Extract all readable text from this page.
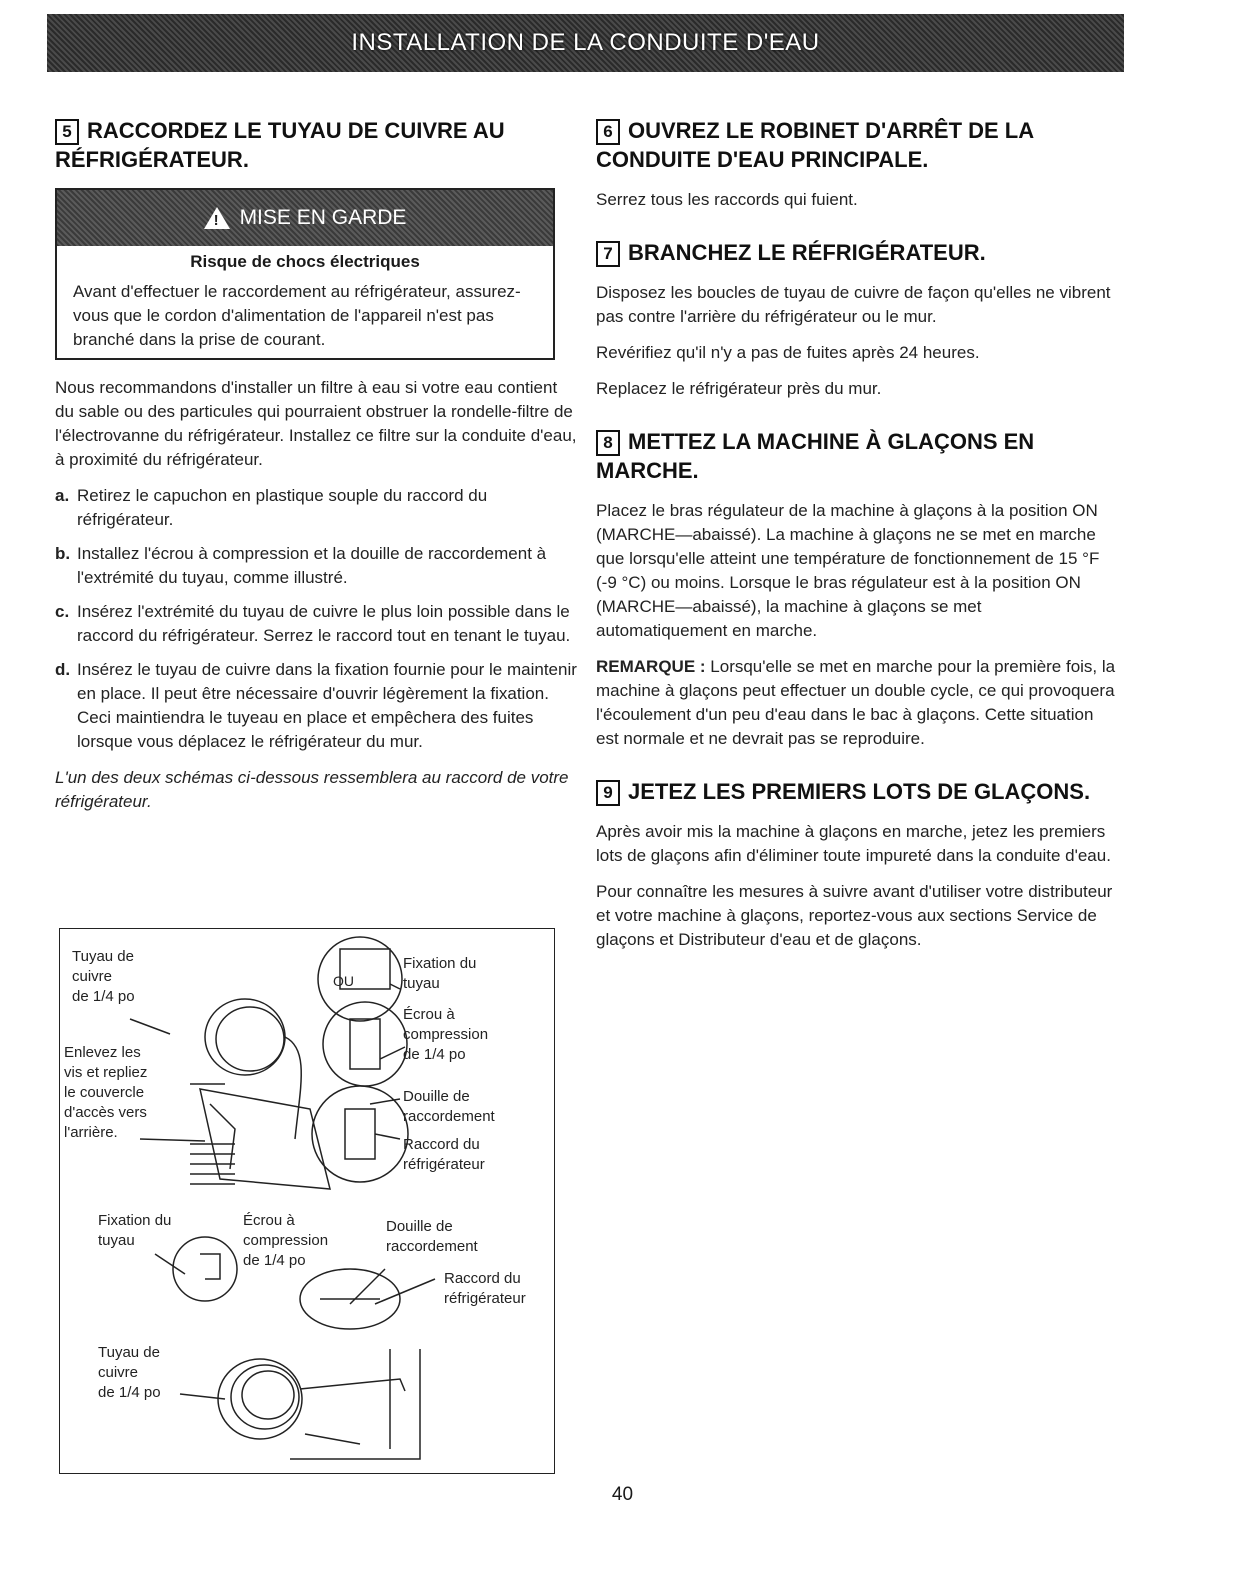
INSTALLATION DE LA CONDUITE D'EAU
5 RACCORDEZ LE TUYAU DE CUIVRE AU RÉFRIGÉRATEUR.
!
MISE EN GARDE
Risque de chocs électriques

Avant d'effectuer le raccordement au réfrigérateur, assurez-vous que le cordon d'alimentation de l'appareil n'est pas branché dans la prise de courant.

Nous recommandons d'installer un filtre à eau si votre eau contient du sable ou des particules qui pourraient obstruer la rondelle-filtre de l'électrovanne du réfrigérateur. Installez ce filtre sur la conduite d'eau, à proximité du réfrigérateur.

a. Retirez le capuchon en plastique souple du raccord du réfrigérateur.
b. Installez l'écrou à compression et la douille de raccordement à l'extrémité du tuyau, comme illustré.
c. Insérez l'extrémité du tuyau de cuivre le plus loin possible dans le raccord du réfrigérateur. Serrez le raccord tout en tenant le tuyau.
d. Insérez le tuyau de cuivre dans la fixation fournie pour le maintenir en place. Il peut être nécessaire d'ouvrir légèrement la fixation. Ceci maintiendra le tuyeau en place et empêchera des fuites lorsque vous déplacez le réfrigérateur du mur.

L'un des deux schémas ci-dessous ressemblera au raccord de votre réfrigérateur.

Tuyau de
cuivre
de 1/4 po
Enlevez les
vis et repliez
le couvercle
d'accès vers
l'arrière.
OU
Fixation du
tuyau
Écrou à
compression
de 1/4 po
Douille de
raccordement
Raccord du
réfrigérateur
Fixation du
tuyau
Écrou à
compression
de 1/4 po
Douille de
raccordement
Raccord du
réfrigérateur
Tuyau de
cuivre
de 1/4 po
6 OUVREZ LE ROBINET D'ARRÊT DE LA CONDUITE D'EAU PRINCIPALE.

Serrez tous les raccords qui fuient.

7 BRANCHEZ LE RÉFRIGÉRATEUR.

Disposez les boucles de tuyau de cuivre de façon qu'elles ne vibrent pas contre l'arrière du réfrigérateur ou le mur.

Revérifiez qu'il n'y a pas de fuites après 24 heures.

Replacez le réfrigérateur près du mur.

8 METTEZ LA MACHINE À GLAÇONS EN MARCHE.

Placez le bras régulateur de la machine à glaçons à la position ON (MARCHE—abaissé). La machine à glaçons ne se met en marche que lorsqu'elle atteint une température de fonctionnement de 15 °F (-9 °C) ou moins. Lorsque le bras régulateur est à la position ON (MARCHE—abaissé), la machine à glaçons se met automatiquement en marche.

REMARQUE : Lorsqu'elle se met en marche pour la première fois, la machine à glaçons peut effectuer un double cycle, ce qui provoquera l'écoulement d'un peu d'eau dans le bac à glaçons. Cette situation est normale et ne devrait pas se reproduire.

9 JETEZ LES PREMIERS LOTS DE GLAÇONS.

Après avoir mis la machine à glaçons en marche, jetez les premiers lots de glaçons afin d'éliminer toute impureté dans la conduite d'eau.

Pour connaître les mesures à suivre avant d'utiliser votre distributeur et votre machine à glaçons, reportez-vous aux sections Service de glaçons et Distributeur d'eau et de glaçons.

40
